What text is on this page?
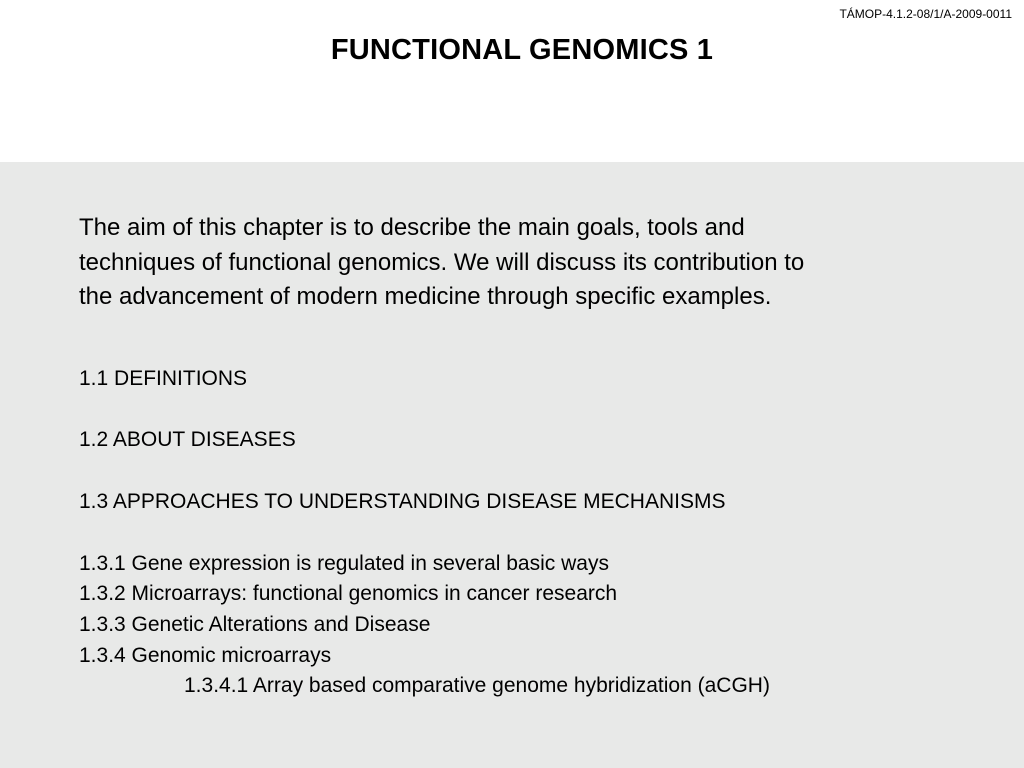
TÁMOP-4.1.2-08/1/A-2009-0011
FUNCTIONAL GENOMICS 1
The aim of this chapter is to describe the main goals, tools and
techniques of functional genomics. We will discuss its contribution to
the advancement of modern medicine through specific examples.
1.1 DEFINITIONS
1.2 ABOUT DISEASES
1.3 APPROACHES TO UNDERSTANDING DISEASE MECHANISMS
1.3.1 Gene expression is regulated in several basic ways
1.3.2 Microarrays: functional genomics in cancer research
1.3.3 Genetic Alterations and Disease
1.3.4 Genomic microarrays
1.3.4.1 Array based comparative genome hybridization (aCGH)
